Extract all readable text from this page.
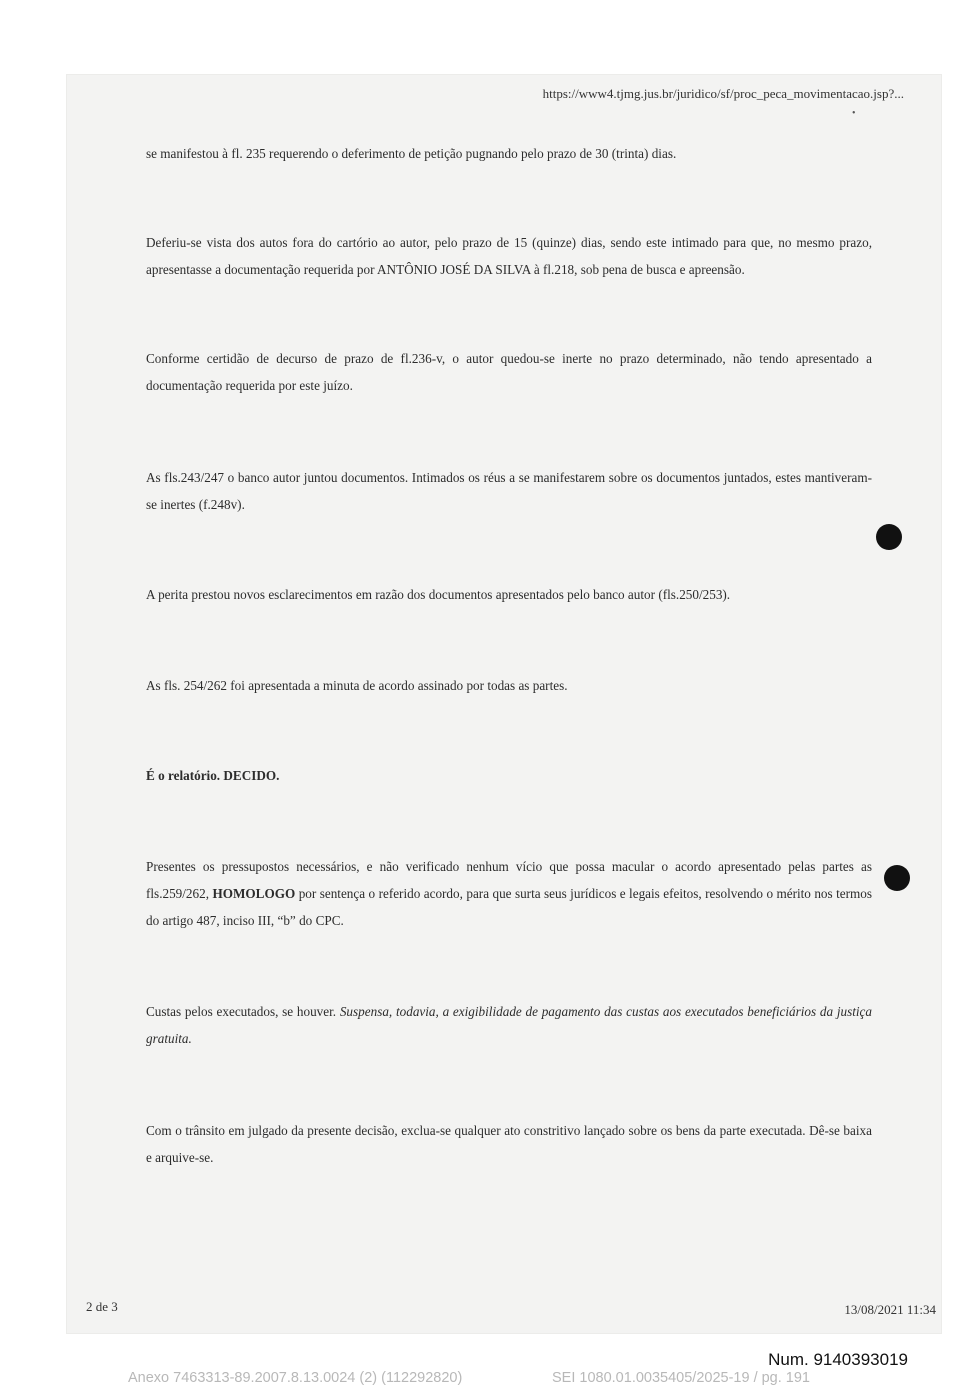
https://www4.tjmg.jus.br/juridico/sf/proc_peca_movimentacao.jsp?...
•
se manifestou à fl. 235 requerendo o deferimento de petição pugnando pelo prazo de 30 (trinta) dias.
Deferiu-se vista dos autos fora do cartório ao autor, pelo prazo de 15 (quinze) dias, sendo este intimado para que, no mesmo prazo, apresentasse a documentação requerida por ANTÔNIO JOSÉ DA SILVA à fl.218, sob pena de busca e apreensão.
Conforme certidão de decurso de prazo de fl.236-v, o autor quedou-se inerte no prazo determinado, não tendo apresentado a documentação requerida por este juízo.
As fls.243/247 o banco autor juntou documentos. Intimados os réus a se manifestarem sobre os documentos juntados, estes mantiveram-se inertes (f.248v).
A perita prestou novos esclarecimentos em razão dos documentos apresentados pelo banco autor (fls.250/253).
As fls. 254/262 foi apresentada a minuta de acordo assinado por todas as partes.
É o relatório. DECIDO.
Presentes os pressupostos necessários, e não verificado nenhum vício que possa macular o acordo apresentado pelas partes as fls.259/262, HOMOLOGO por sentença o referido acordo, para que surta seus jurídicos e legais efeitos, resolvendo o mérito nos termos do artigo 487, inciso III, “b” do CPC.
Custas pelos executados, se houver. Suspensa, todavia, a exigibilidade de pagamento das custas aos executados beneficiários da justiça gratuita.
Com o trânsito em julgado da presente decisão, exclua-se qualquer ato constritivo lançado sobre os bens da parte executada. Dê-se baixa e arquive-se.
2 de 3	13/08/2021 11:34
Num. 9140393019
Anexo 7463313-89.2007.8.13.0024 (2) (112292820)	SEI 1080.01.0035405/2025-19 / pg. 191
